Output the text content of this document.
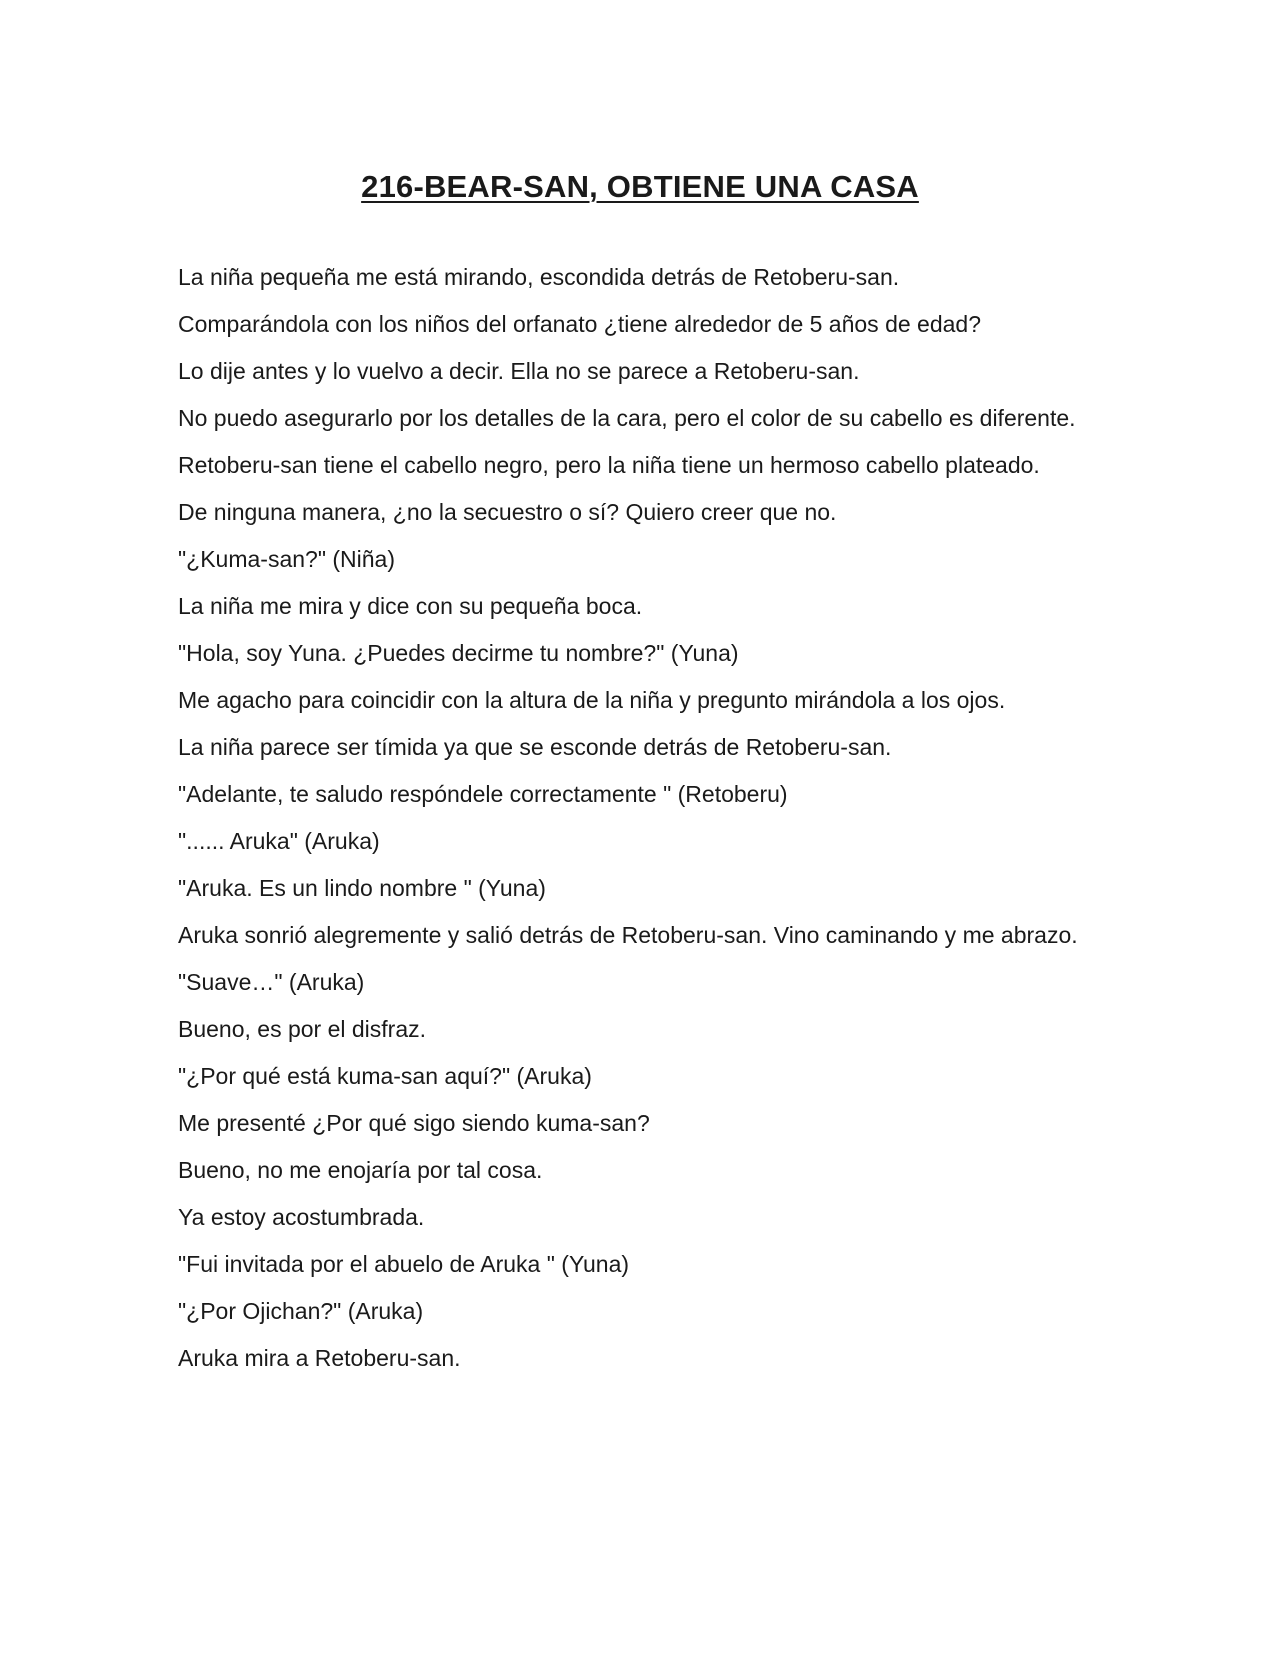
216-BEAR-SAN, OBTIENE UNA CASA

La niña pequeña me está mirando, escondida detrás de Retoberu-san.

Comparándola con los niños del orfanato ¿tiene alrededor de 5 años de edad?

Lo dije antes y lo vuelvo a decir. Ella no se parece a Retoberu-san.

No puedo asegurarlo por los detalles de la cara, pero el color de su cabello es diferente.

Retoberu-san tiene el cabello negro, pero la niña tiene un hermoso cabello plateado.

De ninguna manera, ¿no la secuestro o sí? Quiero creer que no.

"¿Kuma-san?" (Niña)

La niña me mira y dice con su pequeña boca.

"Hola, soy Yuna. ¿Puedes decirme tu nombre?" (Yuna)

Me agacho para coincidir con la altura de la niña y pregunto mirándola a los ojos.

La niña parece ser tímida ya que se esconde detrás de Retoberu-san.

"Adelante, te saludo respóndele correctamente " (Retoberu)

"...... Aruka" (Aruka)

"Aruka. Es un lindo nombre " (Yuna)

Aruka sonrió alegremente y salió detrás de Retoberu-san. Vino caminando y me abrazo.

"Suave…" (Aruka)

Bueno, es por el disfraz.

"¿Por qué está kuma-san aquí?" (Aruka)

Me presenté ¿Por qué sigo siendo kuma-san?

Bueno, no me enojaría por tal cosa.

Ya estoy acostumbrada.

"Fui invitada por el abuelo de Aruka " (Yuna)

"¿Por Ojichan?" (Aruka)

Aruka mira a Retoberu-san.
